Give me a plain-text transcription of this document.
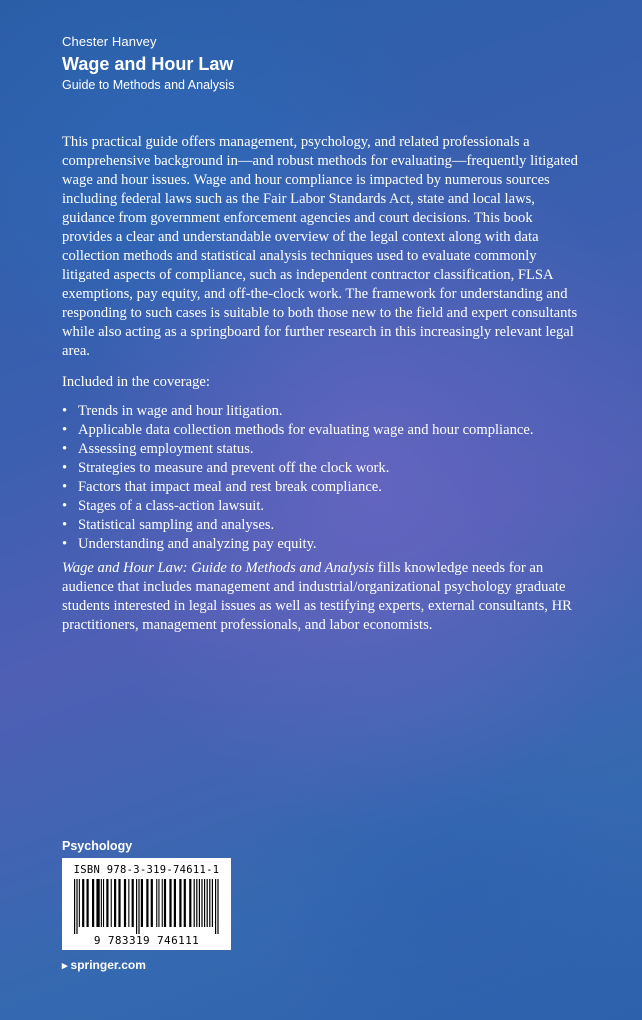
Chester Hanvey
Wage and Hour Law
Guide to Methods and Analysis

This practical guide offers management, psychology, and related professionals a comprehensive background in—and robust methods for evaluating—frequently litigated wage and hour issues. Wage and hour compliance is impacted by numerous sources including federal laws such as the Fair Labor Standards Act, state and local laws, guidance from government enforcement agencies and court decisions. This book provides a clear and understandable overview of the legal context along with data collection methods and statistical analysis techniques used to evaluate commonly litigated aspects of compliance, such as independent contractor classification, FLSA exemptions, pay equity, and off-the-clock work. The framework for understanding and responding to such cases is suitable to both those new to the field and expert consultants while also acting as a springboard for further research in this increasingly relevant legal area.

Included in the coverage:

• Trends in wage and hour litigation.
• Applicable data collection methods for evaluating wage and hour compliance.
• Assessing employment status.
• Strategies to measure and prevent off the clock work.
• Factors that impact meal and rest break compliance.
• Stages of a class-action lawsuit.
• Statistical sampling and analyses.
• Understanding and analyzing pay equity.

Wage and Hour Law: Guide to Methods and Analysis fills knowledge needs for an audience that includes management and industrial/organizational psychology graduate students interested in legal issues as well as testifying experts, external consultants, HR practitioners, management professionals, and labor economists.

Psychology
ISBN 978-3-319-74611-1
9 783319 746111
▸ springer.com
